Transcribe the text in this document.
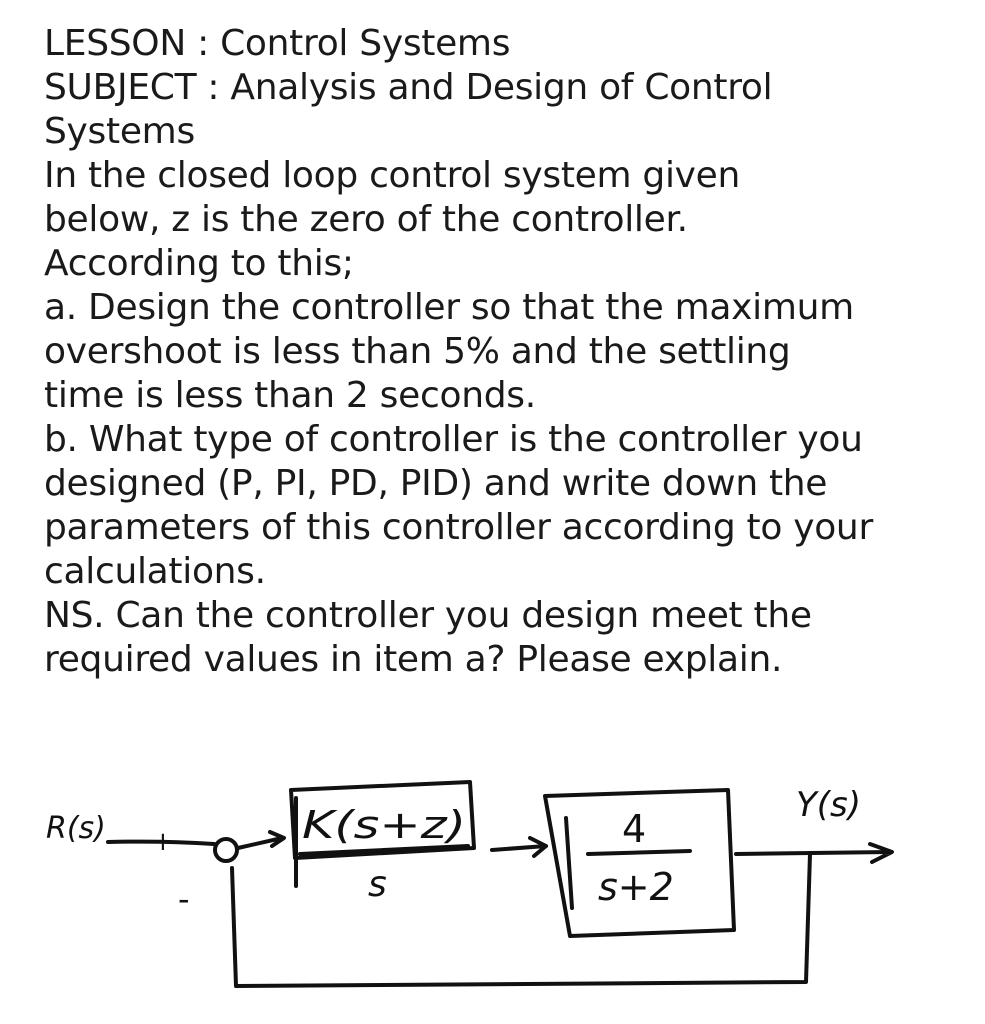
LESSON : Control Systems
SUBJECT : Analysis and Design of Control
Systems
In the closed loop control system given
below, z is the zero of the controller.
According to this;
a. Design the controller so that the maximum
overshoot is less than 5% and the settling
time is less than 2 seconds.
b. What type of controller is the controller you
designed (P, PI, PD, PID) and write down the
parameters of this controller according to your
calculations.
NS. Can the controller you design meet the
required values in item a? Please explain.
R(s) +
-
K(s+z)
s
4
s+2
Y(s)
